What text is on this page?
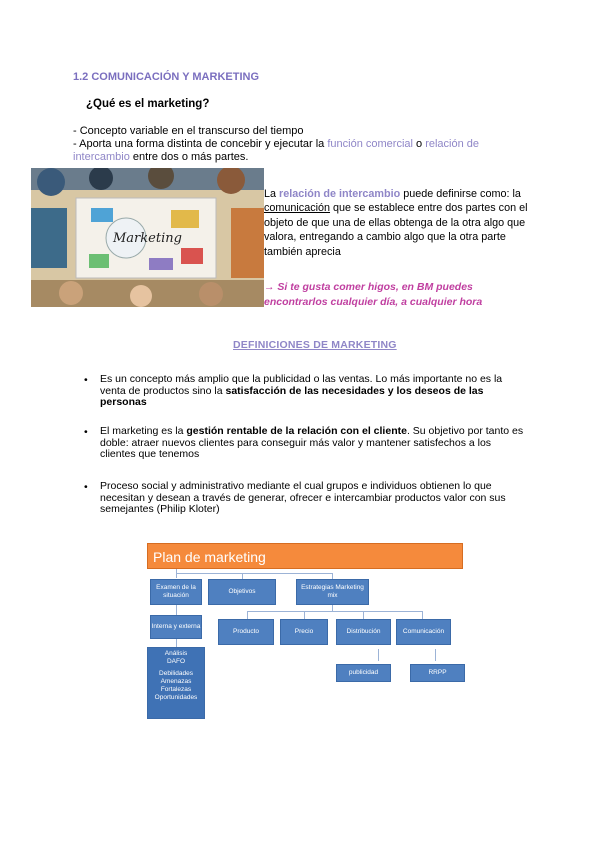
1.2 COMUNICACIÓN Y MARKETING
¿Qué es el marketing?
- Concepto variable en el transcurso del tiempo
- Aporta una forma distinta de concebir y ejecutar la función comercial o relación de intercambio entre dos o más partes.
Marketing
La relación de intercambio puede definirse como: la comunicación que se establece entre dos partes con el objeto de que una de ellas obtenga de la otra algo que valora, entregando a cambio algo que la otra parte también aprecia
→ Si te gusta comer higos, en BM puedes encontrarlos cualquier día, a cualquier hora
DEFINICIONES DE MARKETING
• Es un concepto más amplio que la publicidad o las ventas. Lo más importante no es la venta de productos sino la satisfacción de las necesidades y los deseos de las personas
• El marketing es la gestión rentable de la relación con el cliente. Su objetivo por tanto es doble: atraer nuevos clientes para conseguir más valor y mantener satisfechos a los clientes que tenemos
• Proceso social y administrativo mediante el cual grupos e individuos obtienen lo que necesitan y desean a través de generar, ofrecer e intercambiar productos valor con sus semejantes (Philip Kloter)
Plan de marketing
Examen de la situación
Objetivos
Estrategias Marketing mix
Interna y externa
Análisis
DAFO
Debilidades Amenazas Fortalezas Oportunidades
Producto	Precio	Distribución	Comunicación
publicidad	RRPP
